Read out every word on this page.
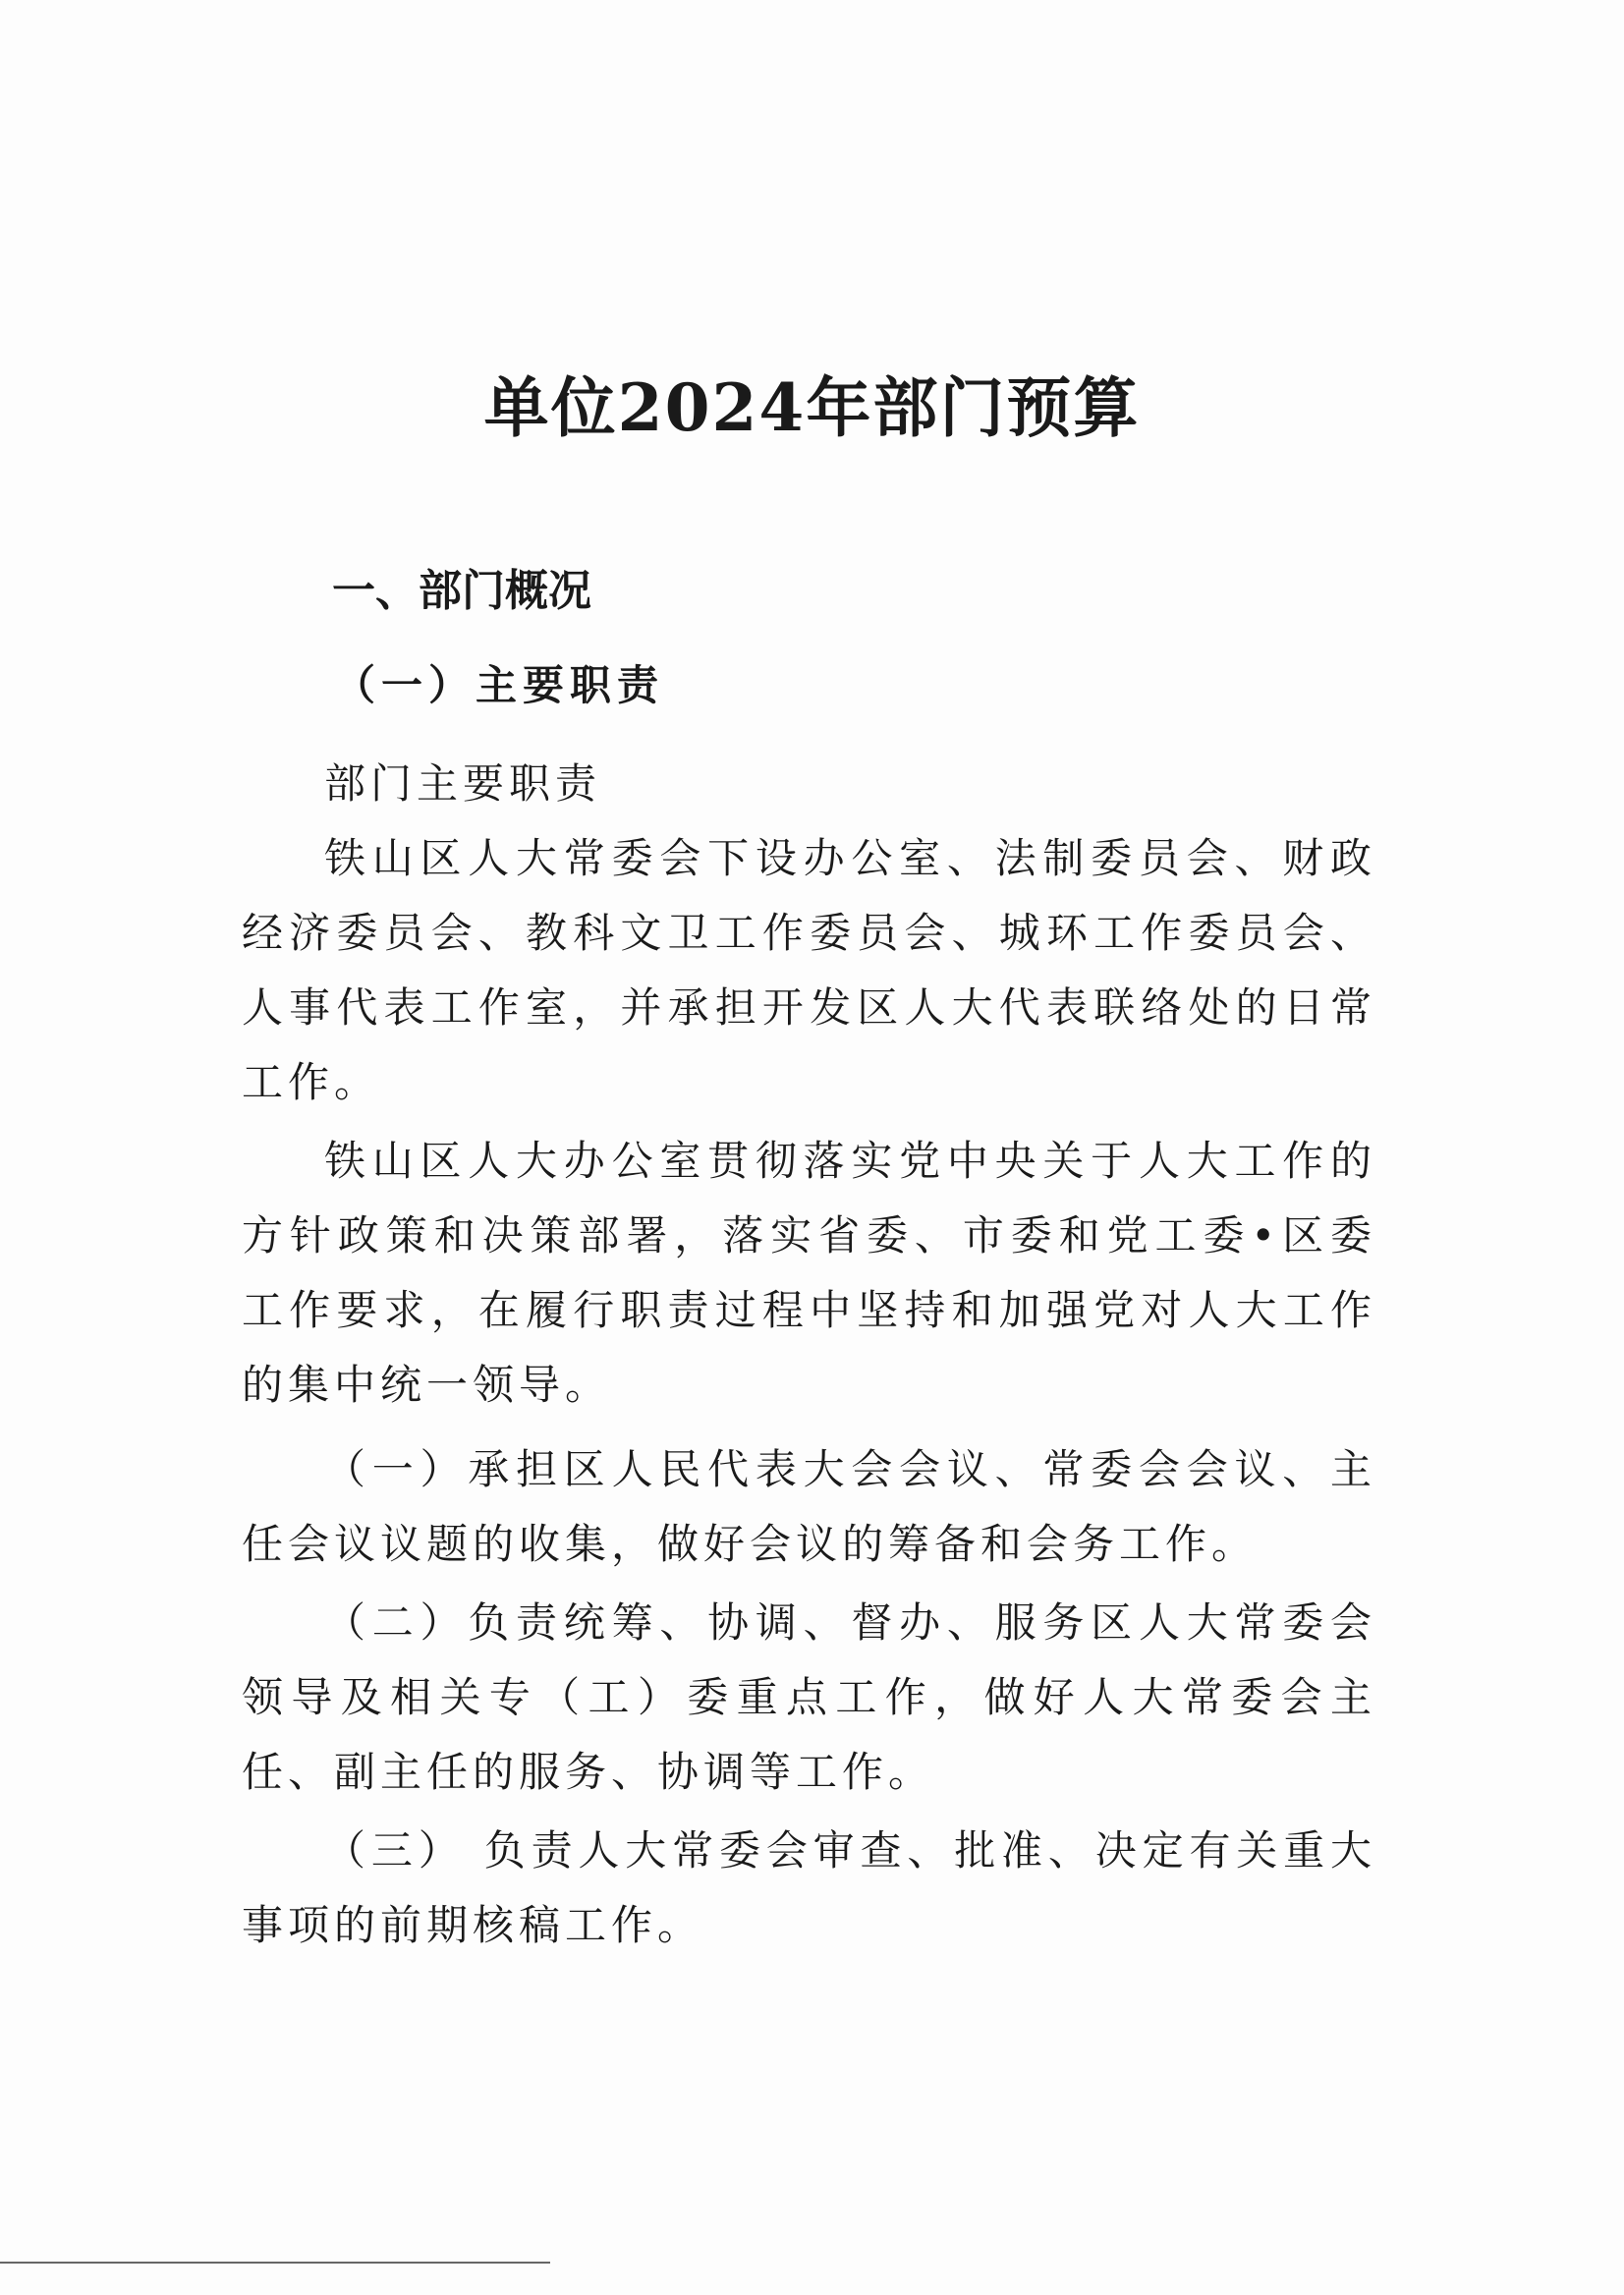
单位2024年部门预算
一、部门概况
（一）主要职责

部门主要职责

铁山区人大常委会下设办公室、法制委员会、财政经济委员会、教科文卫工作委员会、城环工作委员会、人事代表工作室，并承担开发区人大代表联络处的日常工作。

铁山区人大办公室贯彻落实党中央关于人大工作的方针政策和决策部署，落实省委、市委和党工委•区委工作要求，在履行职责过程中坚持和加强党对人大工作的集中统一领导。

（一）承担区人民代表大会会议、常委会会议、主任会议议题的收集，做好会议的筹备和会务工作。

（二）负责统筹、协调、督办、服务区人大常委会领导及相关专（工）委重点工作，做好人大常委会主任、副主任的服务、协调等工作。

（三） 负责人大常委会审查、批准、决定有关重大事项的前期核稿工作。
